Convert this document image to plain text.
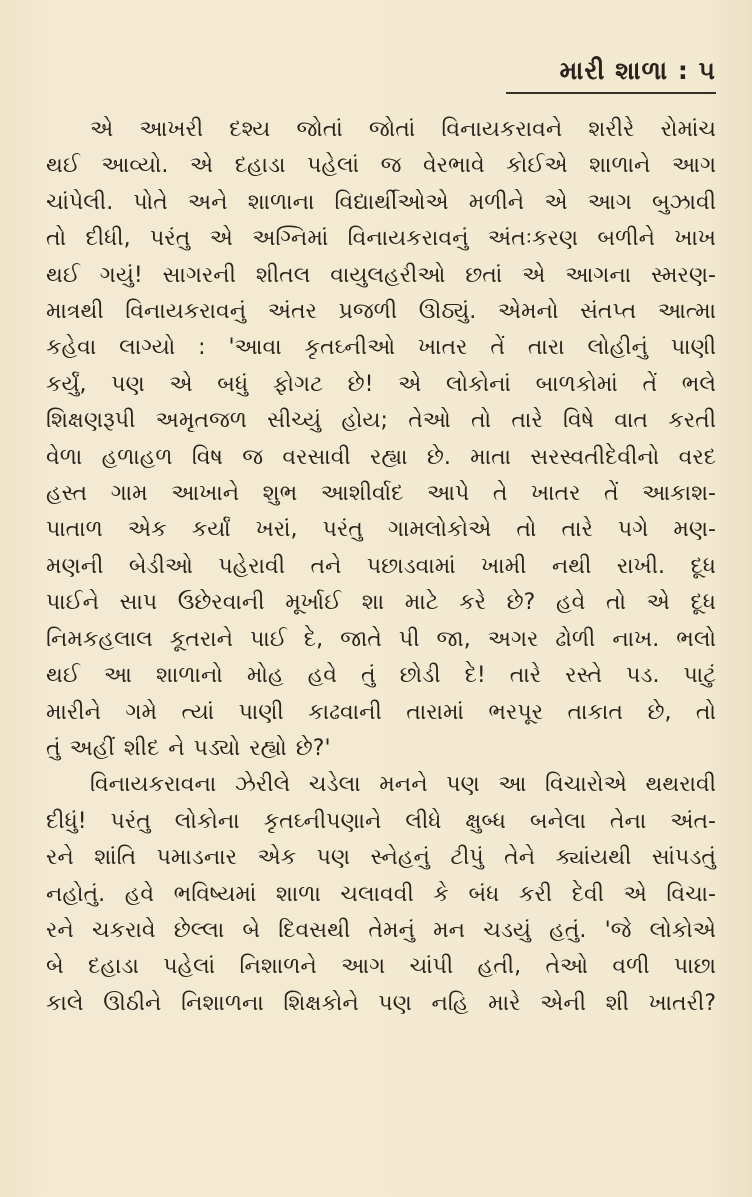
મારી શાળા : ૫

એ આખરી દશ્ય જોતાં જોતાં વિનાયકરાવને શરીરે રોમાંચ
થઈ આવ્યો. એ દહાડા પહેલાં જ વેરભાવે કોઈએ શાળાને આગ
ચાંપેલી. પોતે અને શાળાના વિદ્યાર્થીઓએ મળીને એ આગ બુઝાવી
તો દીધી, પરંતુ એ અગ્નિમાં વિનાયકરાવનું અંતઃકરણ બળીને ખાખ
થઈ ગયું! સાગરની શીતલ વાયુલહરીઓ છતાં એ આગના સ્મરણ-
માત્રથી વિનાયકરાવનું અંતર પ્રજળી ઊઠ્યું. એમનો સંતપ્ત આત્મા
કહેવા લાગ્યો : 'આવા કૃતઘ્નીઓ ખાતર તેં તારા લોહીનું પાણી
કર્યું, પણ એ બધું ફોગટ છે! એ લોકોનાં બાળકોમાં તેં ભલે
શિક્ષણરૂપી અમૃતજળ સીચ્યું હોય; તેઓ તો તારે વિષે વાત કરતી
વેળા હળાહળ વિષ જ વરસાવી રહ્યા છે. માતા સરસ્વતીદેવીનો વરદ
હસ્ત ગામ આખાને શુભ આશીર્વાદ આપે તે ખાતર તેં આકાશ-
પાતાળ એક કર્યાં ખરાં, પરંતુ ગામલોકોએ તો તારે પગે મણ-
મણની બેડીઓ પહેરાવી તને પછાડવામાં ખામી નથી રાખી. દૂધ
પાઈને સાપ ઉછેરવાની મૂર્ખાઈ શા માટે કરે છે? હવે તો એ દૂધ
નિમકહલાલ કૂતરાને પાઈ દે, જાતે પી જા, અગર ઢોળી નાખ. ભલો
થઈ આ શાળાનો મોહ હવે તું છોડી દે! તારે રસ્તે પડ. પાટું
મારીને ગમે ત્યાં પાણી કાઢવાની તારામાં ભરપૂર તાકાત છે, તો
તું અહીં શીદ ને પડ્યો રહ્યો છે?'

વિનાયકરાવના ઝેરીલે ચડેલા મનને પણ આ વિચારોએ થથરાવી
દીધું! પરંતુ લોકોના કૃતઘ્નીપણાને લીધે ક્ષુબ્ધ બનેલા તેના અંત-
રને શાંતિ પમાડનાર એક પણ સ્નેહનું ટીપું તેને ક્યાંયથી સાંપડતું
નહોતું. હવે ભવિષ્યમાં શાળા ચલાવવી કે બંધ કરી દેવી એ વિચા-
રને ચકરાવે છેલ્લા બે દિવસથી તેમનું મન ચડયું હતું. 'જે લોકોએ
બે દહાડા પહેલાં નિશાળને આગ ચાંપી હતી, તેઓ વળી પાછા
કાલે ઊઠીને નિશાળના શિક્ષકોને પણ નહિ મારે એની શી ખાતરી?
